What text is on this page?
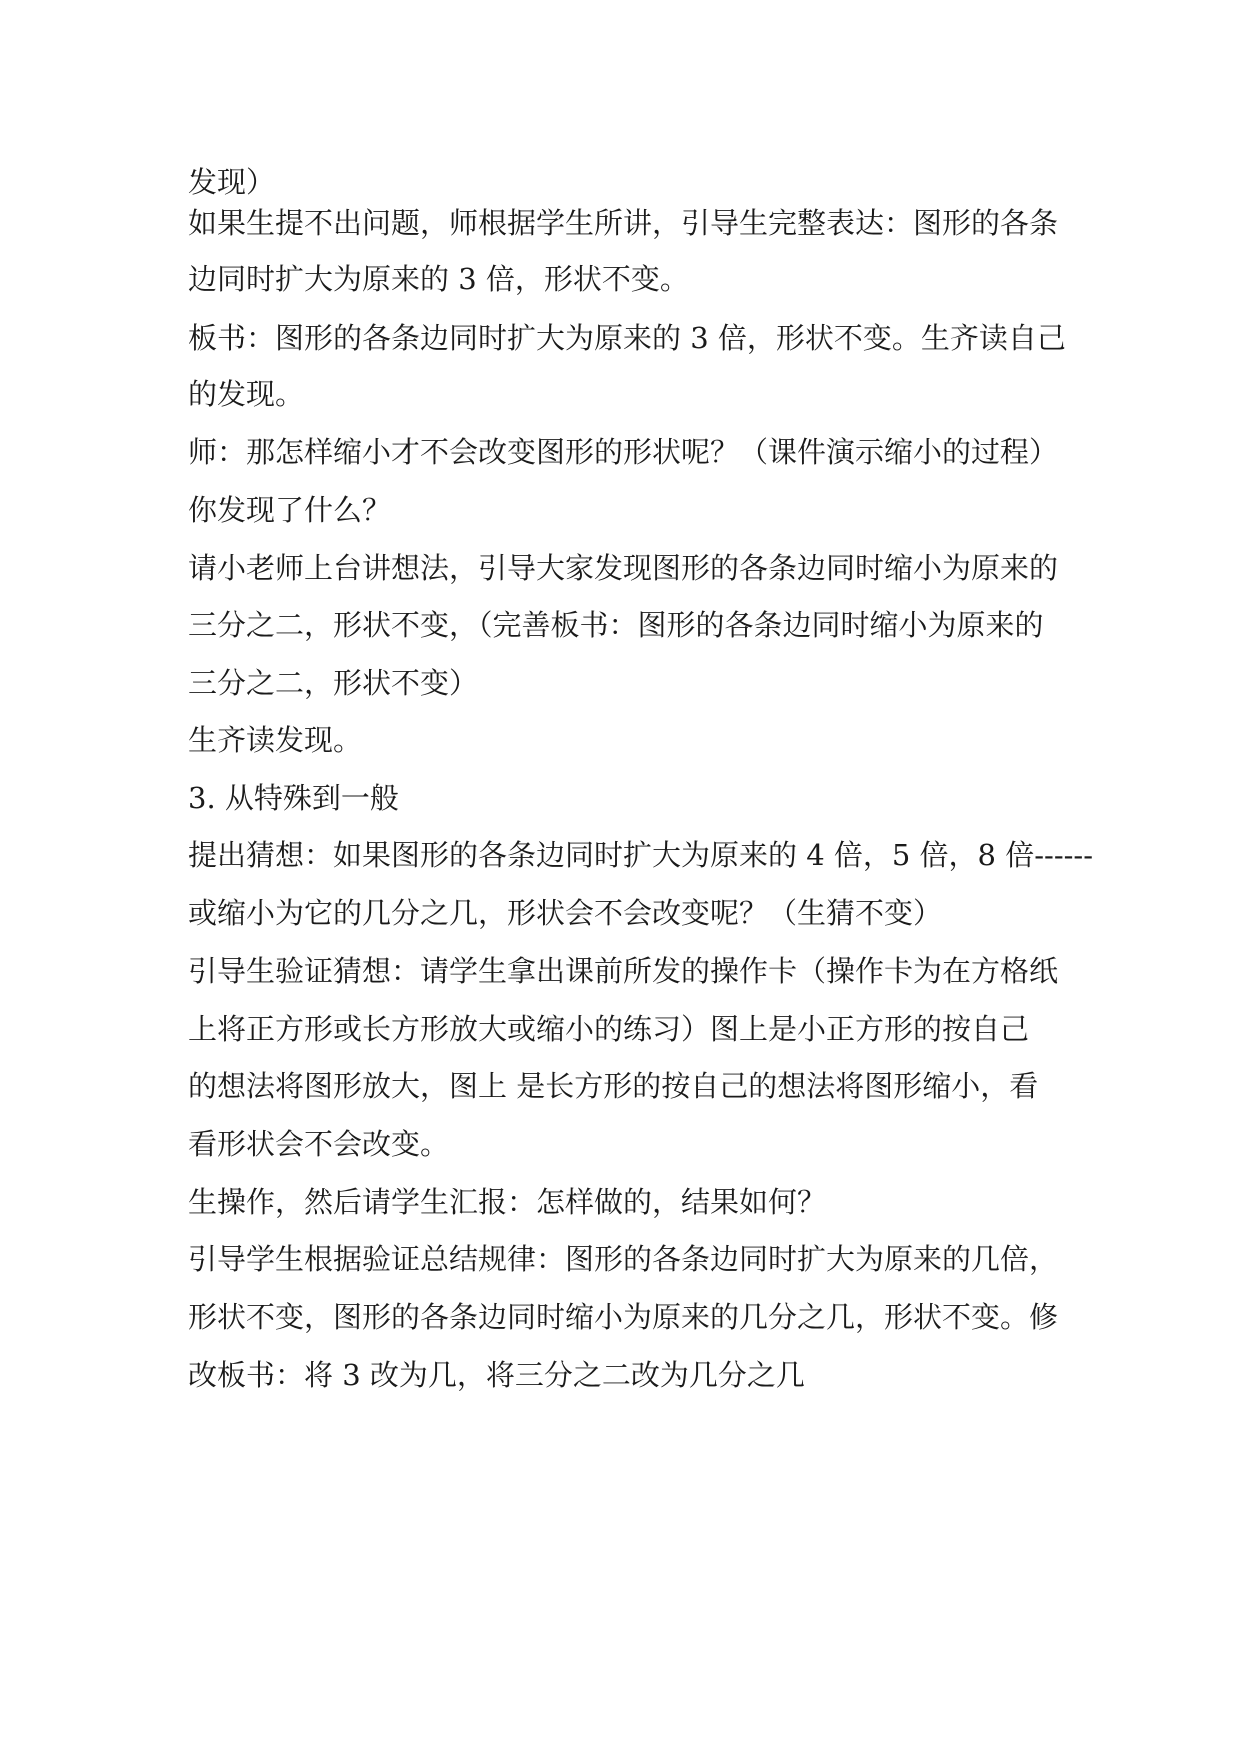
发现）
如果生提不出问题，师根据学生所讲，引导生完整表达：图形的各条
边同时扩大为原来的 3 倍，形状不变。
板书：图形的各条边同时扩大为原来的 3 倍，形状不变。生齐读自己
的发现。
师：那怎样缩小才不会改变图形的形状呢？（课件演示缩小的过程）
你发现了什么？
请小老师上台讲想法，引导大家发现图形的各条边同时缩小为原来的
三分之二，形状不变，（完善板书：图形的各条边同时缩小为原来的
三分之二，形状不变）
生齐读发现。
3. 从特殊到一般
提出猜想：如果图形的各条边同时扩大为原来的 4 倍，5 倍，8 倍------
或缩小为它的几分之几，形状会不会改变呢？（生猜不变）
引导生验证猜想：请学生拿出课前所发的操作卡（操作卡为在方格纸
上将正方形或长方形放大或缩小的练习）图上是小正方形的按自己
的想法将图形放大，图上 是长方形的按自己的想法将图形缩小，看
看形状会不会改变。
生操作，然后请学生汇报：怎样做的，结果如何？
引导学生根据验证总结规律：图形的各条边同时扩大为原来的几倍，
形状不变，图形的各条边同时缩小为原来的几分之几，形状不变。修
改板书：将 3 改为几，将三分之二改为几分之几
